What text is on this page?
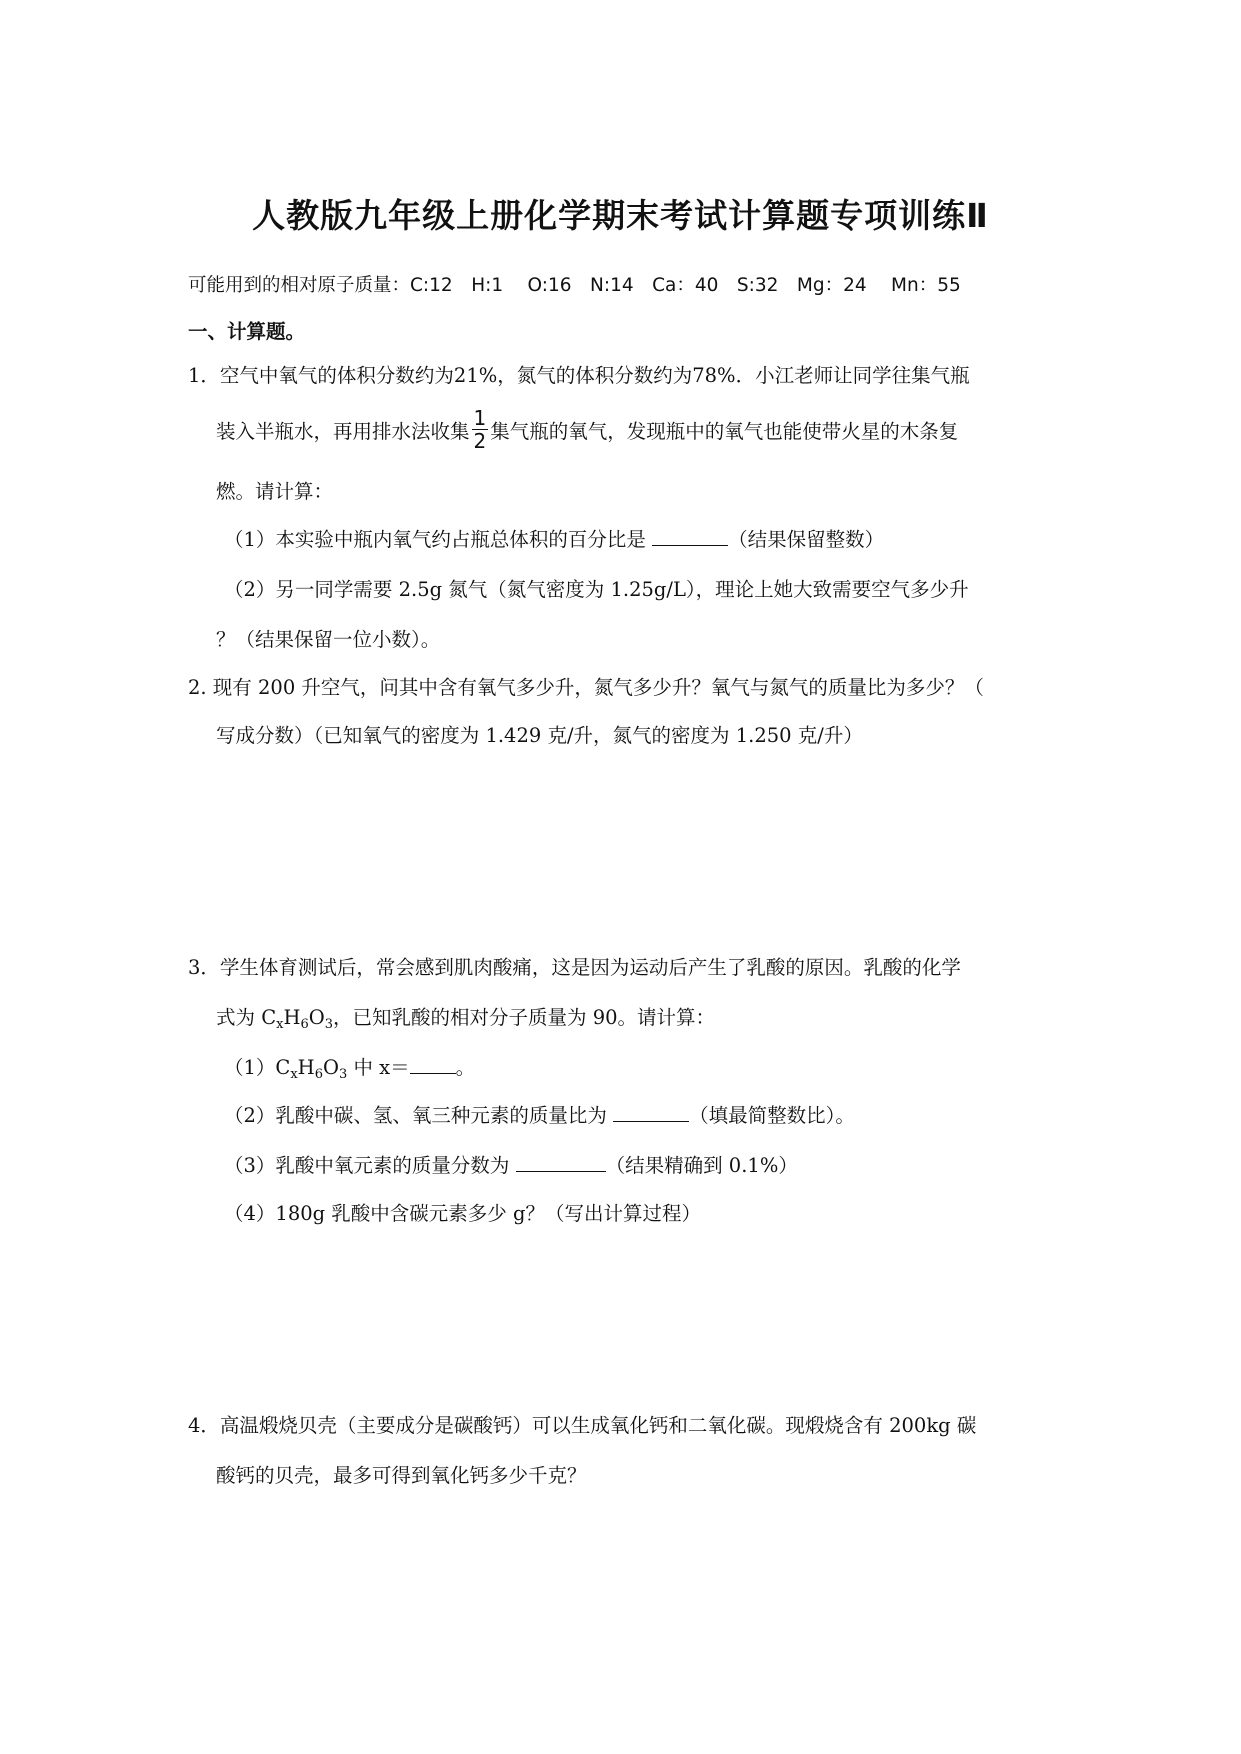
人教版九年级上册化学期末考试计算题专项训练Ⅱ
可能用到的相对原子质量：C:12　H:1　 O:16　N:14　Ca：40　S:32　Mg：24　 Mn：55
一、计算题。
1．空气中氧气的体积分数约为21%，氮气的体积分数约为78%．小江老师让同学往集气瓶
装入半瓶水，再用排水法收集 $\frac{1}{2}$ 集气瓶的氧气，发现瓶中的氧气也能使带火星的木条复
燃。请计算：
（1）本实验中瓶内氧气约占瓶总体积的百分比是	（结果保留整数）
（2）另一同学需要 2.5g 氮气（氮气密度为 1.25g/L），理论上她大致需要空气多少升
？（结果保留一位小数）。
2. 现有 200 升空气，问其中含有氧气多少升，氮气多少升？氧气与氮气的质量比为多少？（
写成分数）（已知氧气的密度为 1.429 克/升，氮气的密度为 1.250 克/升）
3．学生体育测试后，常会感到肌肉酸痛，这是因为运动后产生了乳酸的原因。乳酸的化学
式为 $C_xH_6O_3$，已知乳酸的相对分子质量为 90。请计算：
$(1)C_xH_6O_3$ 中 x＝ 。
（2）乳酸中碳、氢、氧三种元素的质量比为	（填最简整数比）。
（3）乳酸中氧元素的质量分数为	（结果精确到 0.1%）
（4）180g 乳酸中含碳元素多少 g？（写出计算过程）
4．高温煅烧贝壳（主要成分是碳酸钙）可以生成氧化钙和二氧化碳。现煅烧含有 200kg 碳
酸钙的贝壳，最多可得到氧化钙多少千克？
